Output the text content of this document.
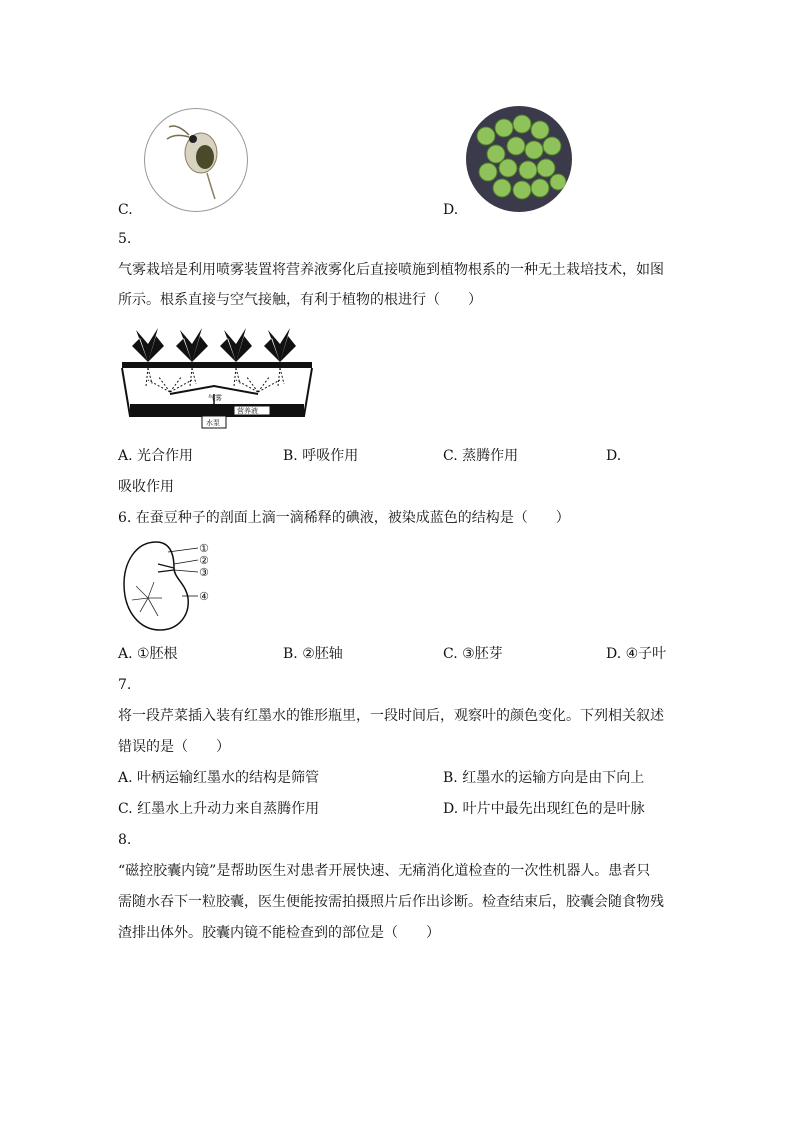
C.	D.
5.
气雾栽培是利用喷雾装置将营养液雾化后直接喷施到植物根系的一种无土栽培技术，如图
所示。根系直接与空气接触，有利于植物的根进行（　　）
气雾
营养液
水泵
A. 光合作用	B. 呼吸作用	C. 蒸腾作用	D.
吸收作用
6. 在蚕豆种子的剖面上滴一滴稀释的碘液，被染成蓝色的结构是（　　）
①
②
③
④
A. ①胚根	B. ②胚轴	C. ③胚芽	D. ④子叶
7.
将一段芹菜插入装有红墨水的锥形瓶里，一段时间后，观察叶的颜色变化。下列相关叙述
错误的是（　　）
A. 叶柄运输红墨水的结构是筛管	B. 红墨水的运输方向是由下向上
C. 红墨水上升动力来自蒸腾作用	D. 叶片中最先出现红色的是叶脉
8.
“磁控胶囊内镜”是帮助医生对患者开展快速、无痛消化道检查的一次性机器人。患者只
需随水吞下一粒胶囊，医生便能按需拍摄照片后作出诊断。检查结束后，胶囊会随食物残
渣排出体外。胶囊内镜不能检查到的部位是（　　）
